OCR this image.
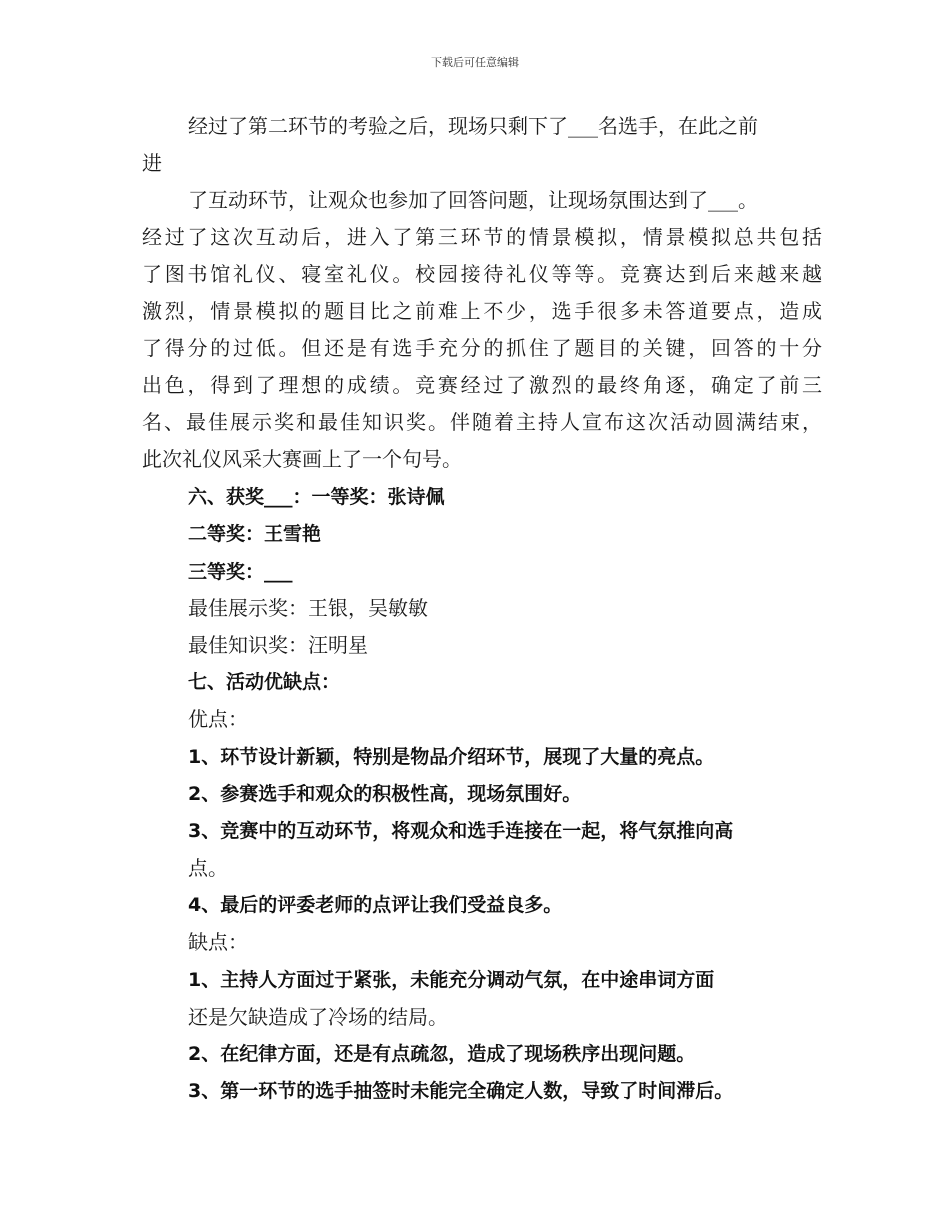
下载后可任意编辑
经过了第二环节的考验之后，现场只剩下了___名选手，在此之前
进
了互动环节，让观众也参加了回答问题，让现场氛围达到了___。
经过了这次互动后，进入了第三环节的情景模拟，情景模拟总共包括
了图书馆礼仪、寝室礼仪。校园接待礼仪等等。竞赛达到后来越来越
激烈，情景模拟的题目比之前难上不少，选手很多未答道要点，造成
了得分的过低。但还是有选手充分的抓住了题目的关键，回答的十分
出色，得到了理想的成绩。竞赛经过了激烈的最终角逐，确定了前三
名、最佳展示奖和最佳知识奖。伴随着主持人宣布这次活动圆满结束，
此次礼仪风采大赛画上了一个句号。
六、获奖___：一等奖：张诗佩
二等奖：王雪艳
三等奖：___
最佳展示奖：王银，吴敏敏
最佳知识奖：汪明星
七、活动优缺点：
优点：
1、环节设计新颖，特别是物品介绍环节，展现了大量的亮点。
2、参赛选手和观众的积极性高，现场氛围好。
3、竞赛中的互动环节，将观众和选手连接在一起，将气氛推向高
点。
4、最后的评委老师的点评让我们受益良多。
缺点：
1、主持人方面过于紧张，未能充分调动气氛，在中途串词方面
还是欠缺造成了冷场的结局。
2、在纪律方面，还是有点疏忽，造成了现场秩序出现问题。
3、第一环节的选手抽签时未能完全确定人数，导致了时间滞后。
